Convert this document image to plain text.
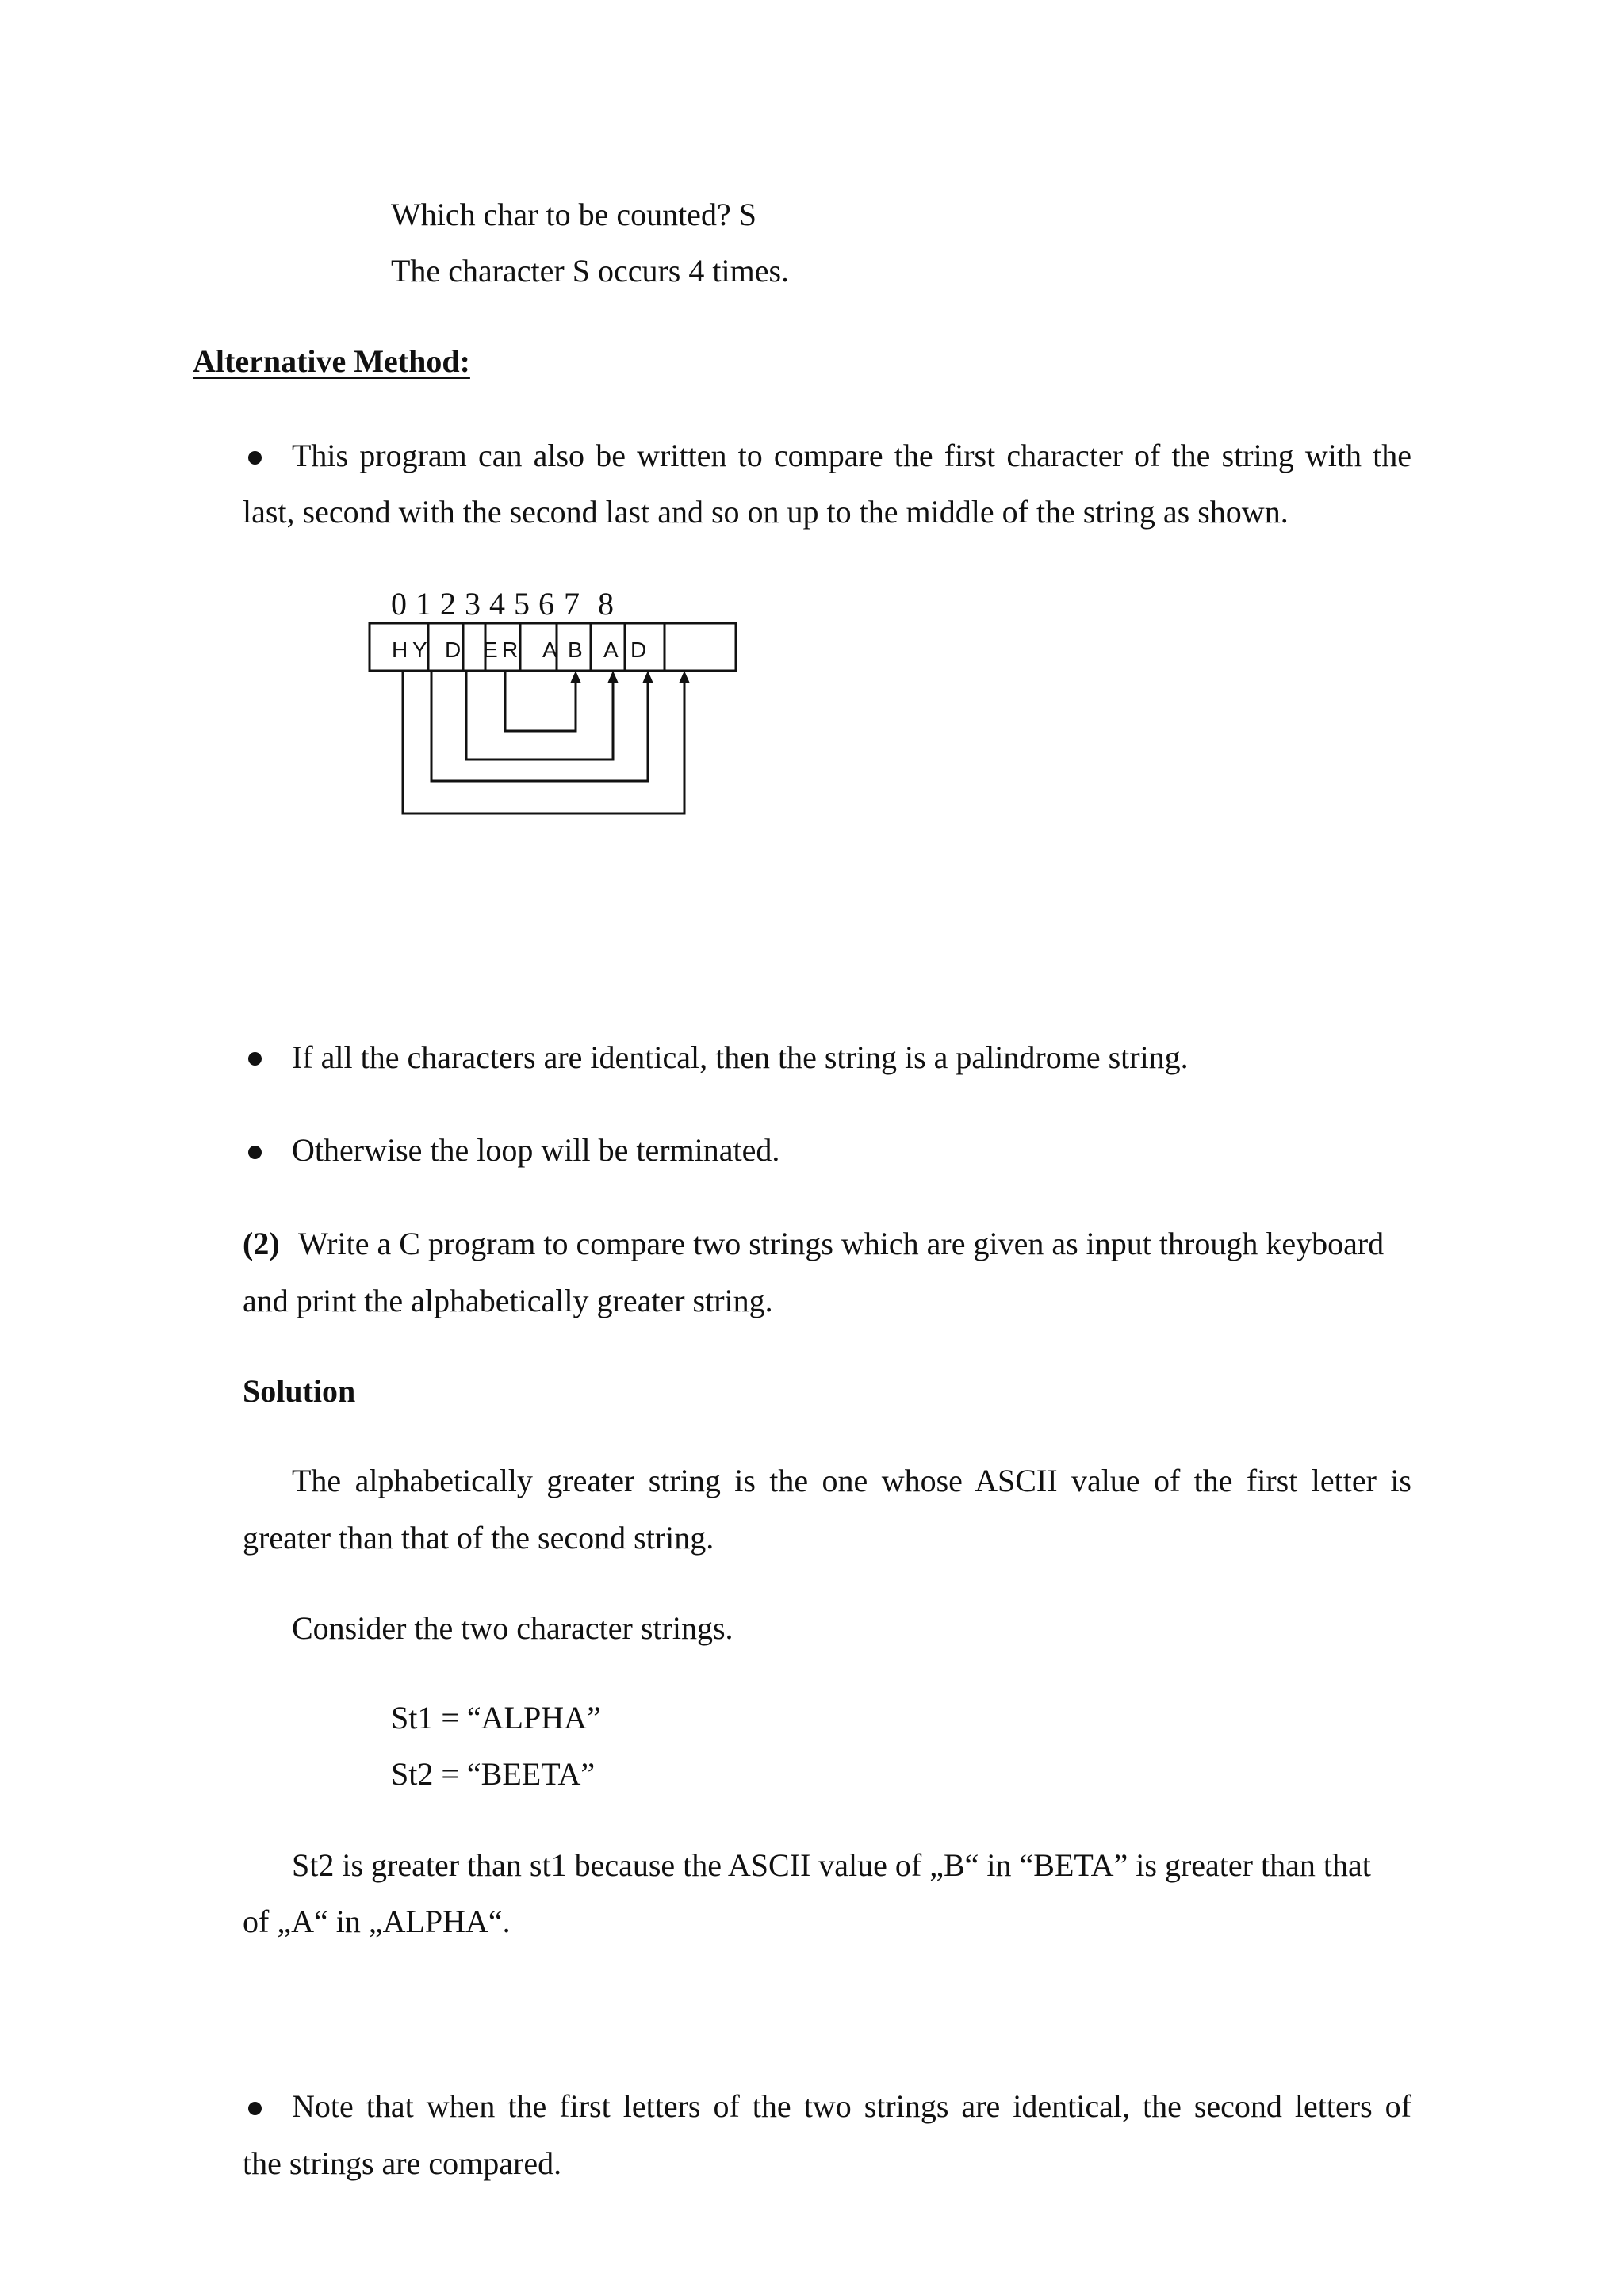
Which char to be counted? S
The character S occurs 4 times.
Alternative Method:
This program can also be written to compare the first character of the string with the
last, second with the second last and so on up to the middle of the string as shown.
0 1 2 3 4 5 6 7 8
H Y D E R A B A D
If all the characters are identical, then the string is a palindrome string.
Otherwise the loop will be terminated.
(2) Write a C program to compare two strings which are given as input through keyboard
and print the alphabetically greater string.
Solution
The alphabetically greater string is the one whose ASCII value of the first letter is
greater than that of the second string.
Consider the two character strings.
St1 = “ALPHA”
St2 = “BEETA”
St2 is greater than st1 because the ASCII value of „B“ in “BETA” is greater than that
of „A“ in „ALPHA“.
Note that when the first letters of the two strings are identical, the second letters of
the strings are compared.
